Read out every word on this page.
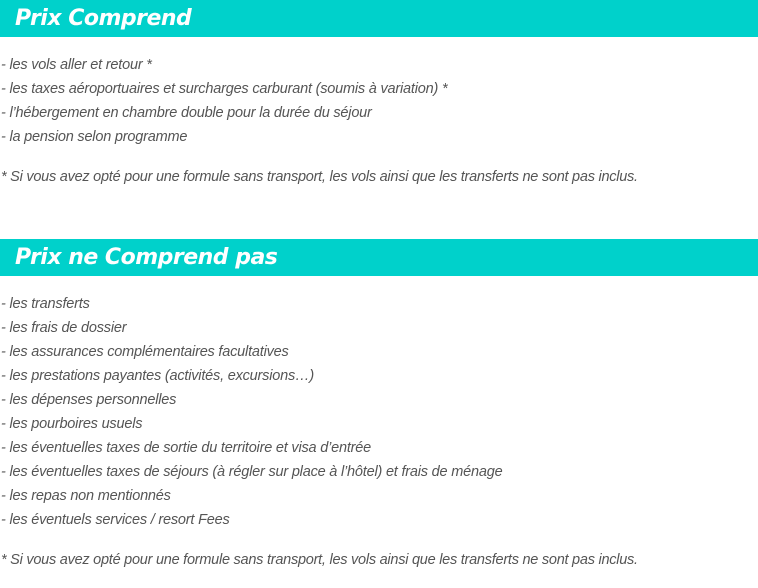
Prix Comprend
- les vols aller et retour *
- les taxes aéroportuaires et surcharges carburant (soumis à variation) *
- l’hébergement en chambre double pour la durée du séjour
- la pension selon programme

* Si vous avez opté pour une formule sans transport, les vols ainsi que les transferts ne sont pas inclus.

Prix ne Comprend pas
- les transferts
- les frais de dossier
- les assurances complémentaires facultatives
- les prestations payantes (activités, excursions…)
- les dépenses personnelles
- les pourboires usuels
- les éventuelles taxes de sortie du territoire et visa d’entrée
- les éventuelles taxes de séjours (à régler sur place à l’hôtel) et frais de ménage
- les repas non mentionnés
- les éventuels services / resort Fees

* Si vous avez opté pour une formule sans transport, les vols ainsi que les transferts ne sont pas inclus.
